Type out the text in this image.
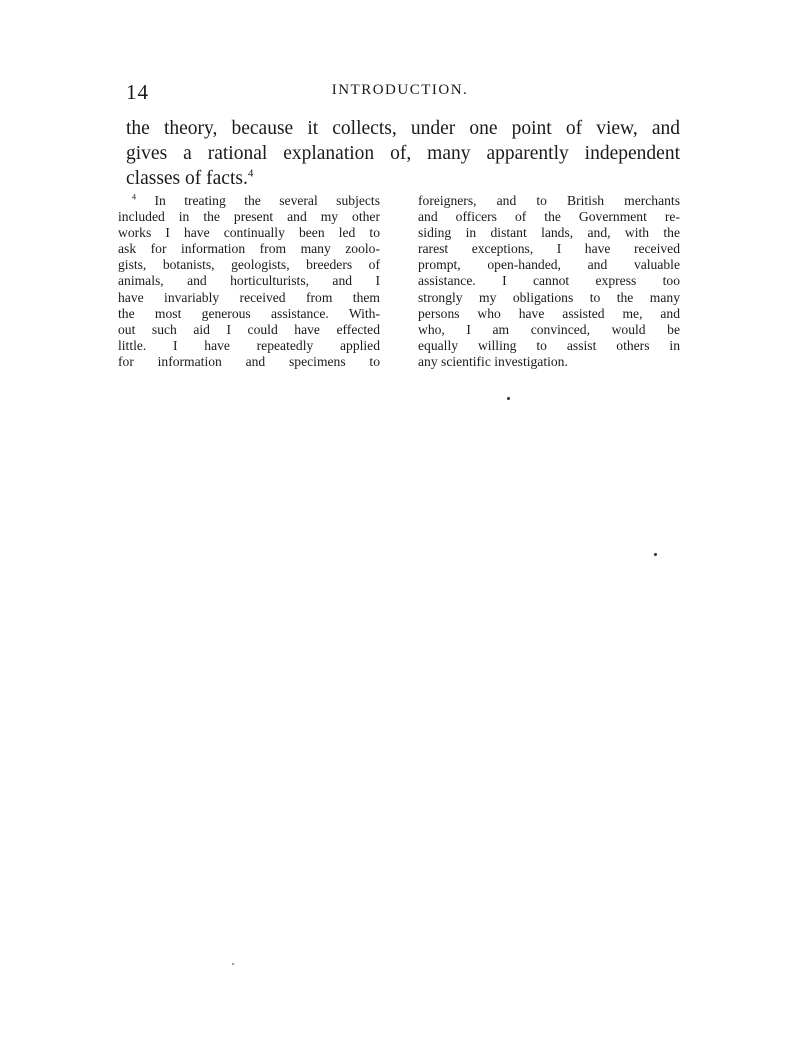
14	INTRODUCTION.
the theory, because it collects, under one point of view, and
gives a rational explanation of, many apparently independent
classes of facts.$^4$
$^4$ In treating the several subjects
included in the present and my other
works I have continually been led to
ask for information from many zoolo-
gists, botanists, geologists, breeders of
animals, and horticulturists, and I
have invariably received from them
the most generous assistance. With-
out such aid I could have effected
little. I have repeatedly applied
for information and specimens to
foreigners, and to British merchants
and officers of the Government re-
siding in distant lands, and, with the
rarest exceptions, I have received
prompt, open-handed, and valuable
assistance. I cannot express too
strongly my obligations to the many
persons who have assisted me, and
who, I am convinced, would be
equally willing to assist others in
any scientific investigation.
